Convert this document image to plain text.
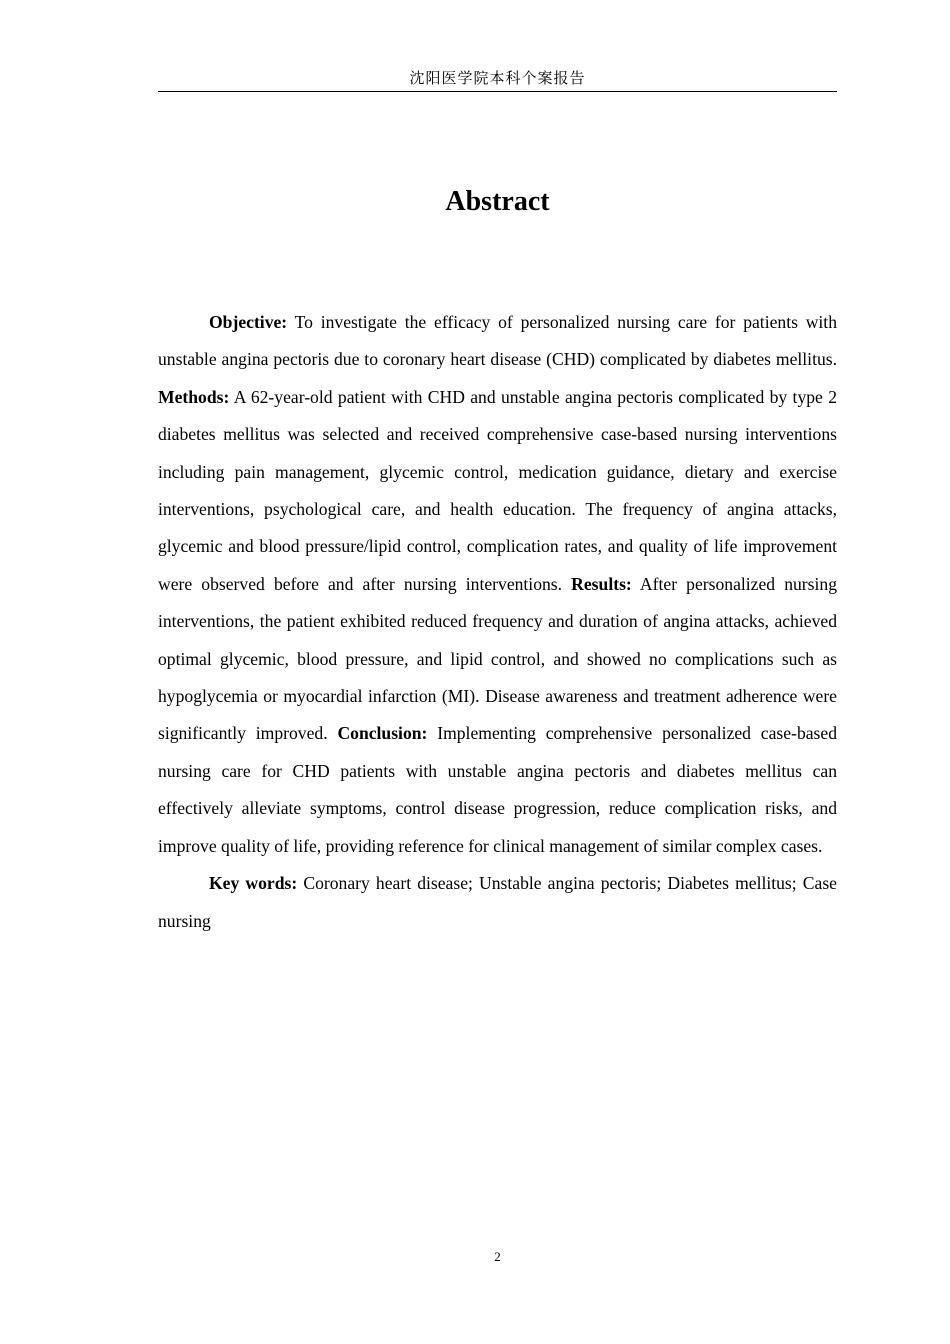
沈阳医学院本科个案报告
Abstract

Objective: To investigate the efficacy of personalized nursing care for patients with unstable angina pectoris due to coronary heart disease (CHD) complicated by diabetes mellitus. Methods: A 62-year-old patient with CHD and unstable angina pectoris complicated by type 2 diabetes mellitus was selected and received comprehensive case-based nursing interventions including pain management, glycemic control, medication guidance, dietary and exercise interventions, psychological care, and health education. The frequency of angina attacks, glycemic and blood pressure/lipid control, complication rates, and quality of life improvement were observed before and after nursing interventions. Results: After personalized nursing interventions, the patient exhibited reduced frequency and duration of angina attacks, achieved optimal glycemic, blood pressure, and lipid control, and showed no complications such as hypoglycemia or myocardial infarction (MI). Disease awareness and treatment adherence were significantly improved. Conclusion: Implementing comprehensive personalized case-based nursing care for CHD patients with unstable angina pectoris and diabetes mellitus can effectively alleviate symptoms, control disease progression, reduce complication risks, and improve quality of life, providing reference for clinical management of similar complex cases.

Key words: Coronary heart disease; Unstable angina pectoris; Diabetes mellitus; Case nursing

2
